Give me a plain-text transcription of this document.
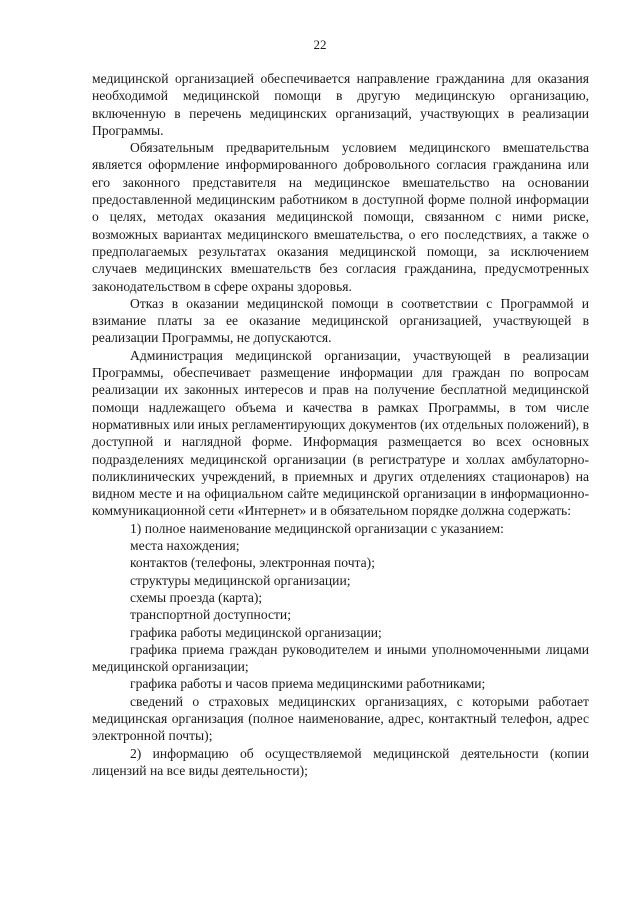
22

медицинской организацией обеспечивается направление гражданина для оказания необходимой медицинской помощи в другую медицинскую организацию, включенную в перечень медицинских организаций, участвующих в реализации Программы.

Обязательным предварительным условием медицинского вмешательства является оформление информированного добровольного согласия гражданина или его законного представителя на медицинское вмешательство на основании предоставленной медицинским работником в доступной форме полной информации о целях, методах оказания медицинской помощи, связанном с ними риске, возможных вариантах медицинского вмешательства, о его последствиях, а также о предполагаемых результатах оказания медицинской помощи, за исключением случаев медицинских вмешательств без согласия гражданина, предусмотренных законодательством в сфере охраны здоровья.

Отказ в оказании медицинской помощи в соответствии с Программой и взимание платы за ее оказание медицинской организацией, участвующей в реализации Программы, не допускаются.

Администрация медицинской организации, участвующей в реализации Программы, обеспечивает размещение информации для граждан по вопросам реализации их законных интересов и прав на получение бесплатной медицинской помощи надлежащего объема и качества в рамках Программы, в том числе нормативных или иных регламентирующих документов (их отдельных положений), в доступной и наглядной форме. Информация размещается во всех основных подразделениях медицинской организации (в регистратуре и холлах амбулаторно-поликлинических учреждений, в приемных и других отделениях стационаров) на видном месте и на официальном сайте медицинской организации в информационно-коммуникационной сети «Интернет» и в обязательном порядке должна содержать:

1) полное наименование медицинской организации с указанием:

места нахождения;

контактов (телефоны, электронная почта);

структуры медицинской организации;

схемы проезда (карта);

транспортной доступности;

графика работы медицинской организации;

графика приема граждан руководителем и иными уполномоченными лицами медицинской организации;

графика работы и часов приема медицинскими работниками;

сведений о страховых медицинских организациях, с которыми работает медицинская организация (полное наименование, адрес, контактный телефон, адрес электронной почты);

2) информацию об осуществляемой медицинской деятельности (копии лицензий на все виды деятельности);
